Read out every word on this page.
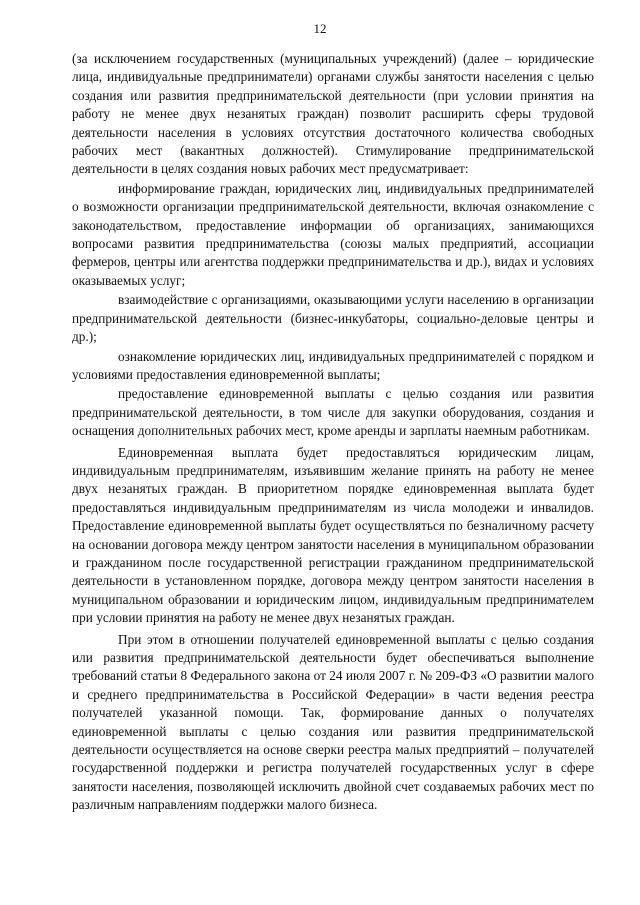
12

(за исключением государственных (муниципальных учреждений) (далее – юридические лица, индивидуальные предприниматели) органами службы занятости населения с целью создания или развития предпринимательской деятельности (при условии принятия на работу не менее двух незанятых граждан) позволит расширить сферы трудовой деятельности населения в условиях отсутствия достаточного количества свободных рабочих мест (вакантных должностей). Стимулирование предпринимательской деятельности в целях создания новых рабочих мест предусматривает:

информирование граждан, юридических лиц, индивидуальных предпринимателей о возможности организации предпринимательской деятельности, включая ознакомление с законодательством, предоставление информации об организациях, занимающихся вопросами развития предпринимательства (союзы малых предприятий, ассоциации фермеров, центры или агентства поддержки предпринимательства и др.), видах и условиях оказываемых услуг;

взаимодействие с организациями, оказывающими услуги населению в организации предпринимательской деятельности (бизнес-инкубаторы, социально-деловые центры и др.);

ознакомление юридических лиц, индивидуальных предпринимателей с порядком и условиями предоставления единовременной выплаты;

предоставление единовременной выплаты с целью создания или развития предпринимательской деятельности, в том числе для закупки оборудования, создания и оснащения дополнительных рабочих мест, кроме аренды и зарплаты наемным работникам.

Единовременная выплата будет предоставляться юридическим лицам, индивидуальным предпринимателям, изъявившим желание принять на работу не менее двух незанятых граждан. В приоритетном порядке единовременная выплата будет предоставляться индивидуальным предпринимателям из числа молодежи и инвалидов. Предоставление единовременной выплаты будет осуществляться по безналичному расчету на основании договора между центром занятости населения в муниципальном образовании и гражданином после государственной регистрации гражданином предпринимательской деятельности в установленном порядке, договора между центром занятости населения в муниципальном образовании и юридическим лицом, индивидуальным предпринимателем при условии принятия на работу не менее двух незанятых граждан.

При этом в отношении получателей единовременной выплаты с целью создания или развития предпринимательской деятельности будет обеспечиваться выполнение требований статьи 8 Федерального закона от 24 июля 2007 г. № 209-ФЗ «О развитии малого и среднего предпринимательства в Российской Федерации» в части ведения реестра получателей указанной помощи. Так, формирование данных о получателях единовременной выплаты с целью создания или развития предпринимательской деятельности осуществляется на основе сверки реестра малых предприятий – получателей государственной поддержки и регистра получателей государственных услуг в сфере занятости населения, позволяющей исключить двойной счет создаваемых рабочих мест по различным направлениям поддержки малого бизнеса.
